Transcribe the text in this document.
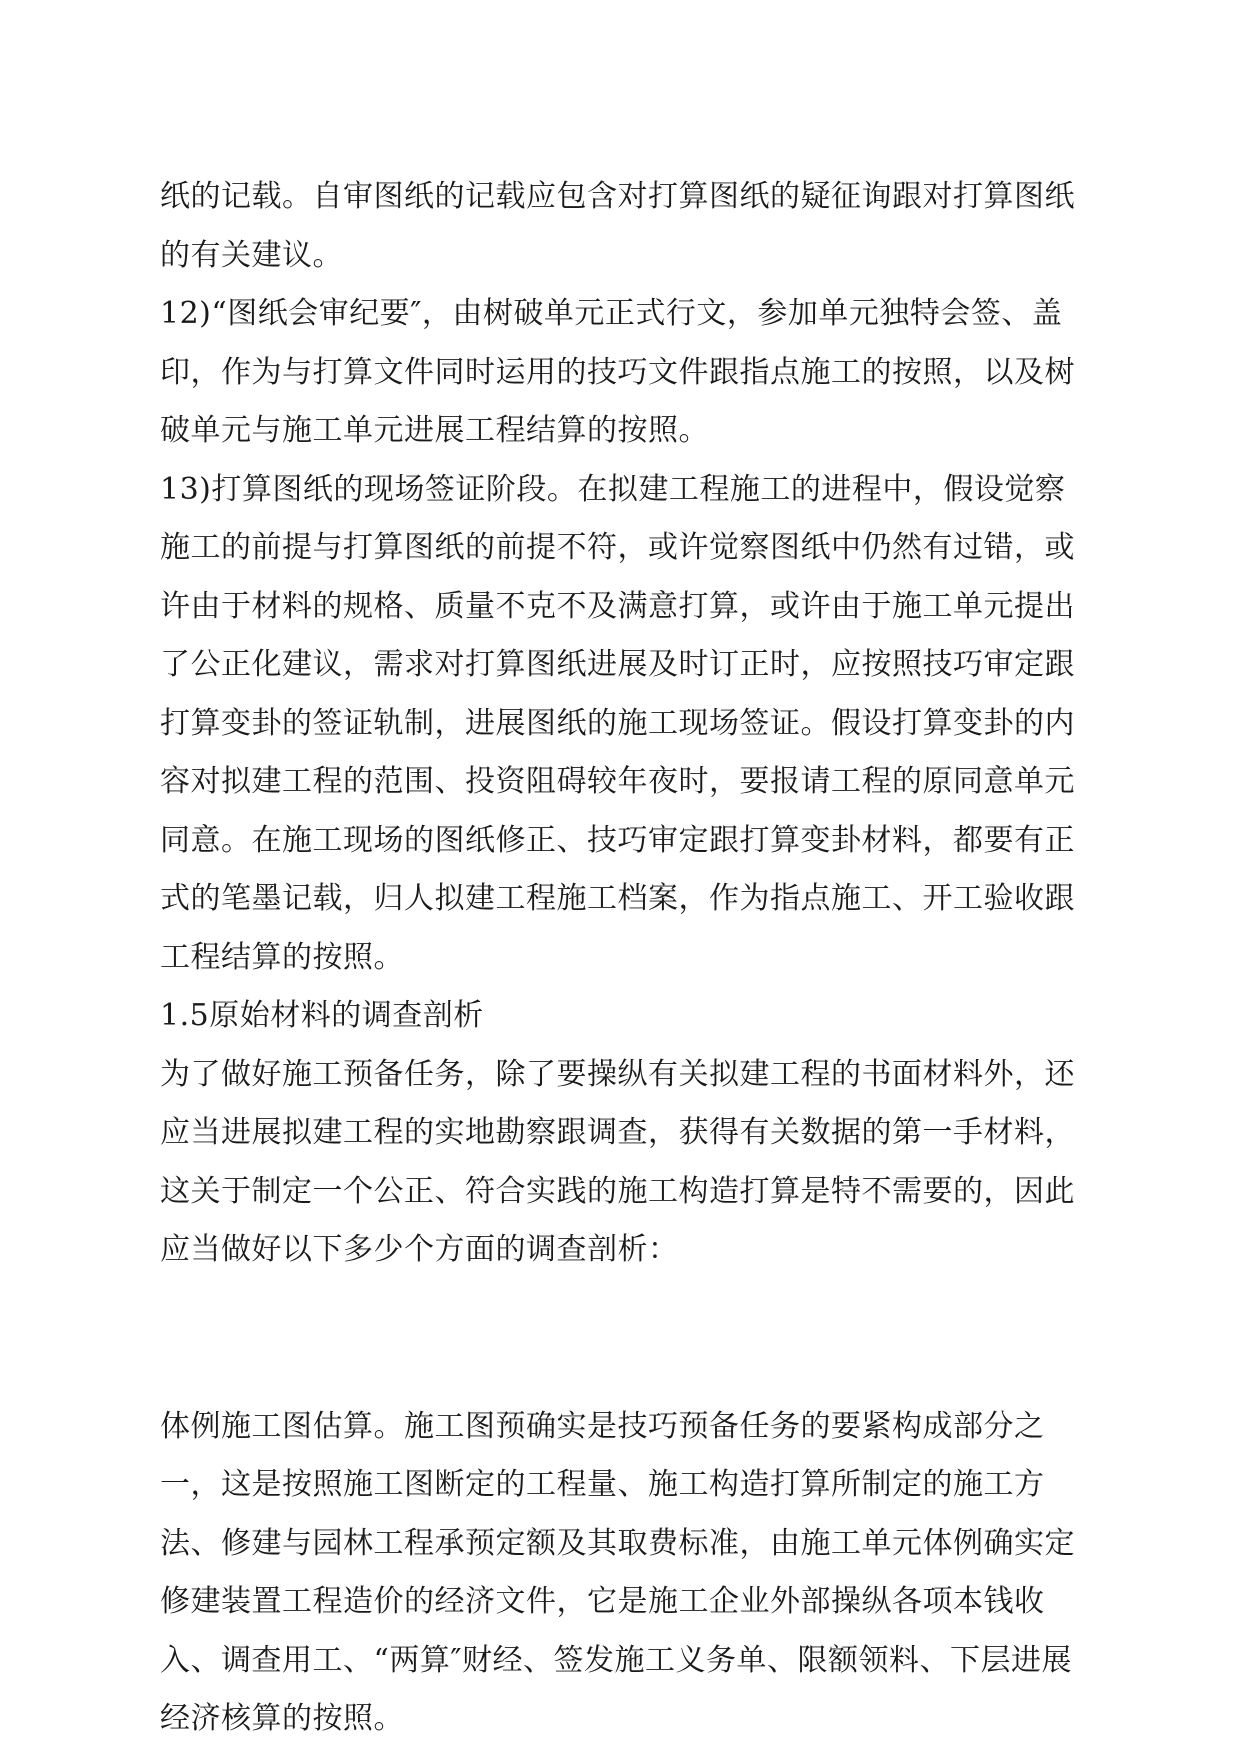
纸的记载。自审图纸的记载应包含对打算图纸的疑征询跟对打算图纸的有关建议。

12)“图纸会审纪要″，由树破单元正式行文，参加单元独特会签、盖印，作为与打算文件同时运用的技巧文件跟指点施工的按照，以及树破单元与施工单元进展工程结算的按照。

13)打算图纸的现场签证阶段。在拟建工程施工的进程中，假设觉察施工的前提与打算图纸的前提不符，或许觉察图纸中仍然有过错，或许由于材料的规格、质量不克不及满意打算，或许由于施工单元提出了公正化建议，需求对打算图纸进展及时订正时，应按照技巧审定跟打算变卦的签证轨制，进展图纸的施工现场签证。假设打算变卦的内容对拟建工程的范围、投资阻碍较年夜时，要报请工程的原同意单元同意。在施工现场的图纸修正、技巧审定跟打算变卦材料，都要有正式的笔墨记载，归人拟建工程施工档案，作为指点施工、开工验收跟工程结算的按照。

1.5原始材料的调查剖析

为了做好施工预备任务，除了要操纵有关拟建工程的书面材料外，还应当进展拟建工程的实地勘察跟调查，获得有关数据的第一手材料，这关于制定一个公正、符合实践的施工构造打算是特不需要的，因此应当做好以下多少个方面的调查剖析：

体例施工图估算。施工图预确实是技巧预备任务的要紧构成部分之一，这是按照施工图断定的工程量、施工构造打算所制定的施工方法、修建与园林工程承预定额及其取费标准，由施工单元体例确实定修建装置工程造价的经济文件，它是施工企业外部操纵各项本钱收入、调查用工、“两算″财经、签发施工义务单、限额领料、下层进展经济核算的按照。
